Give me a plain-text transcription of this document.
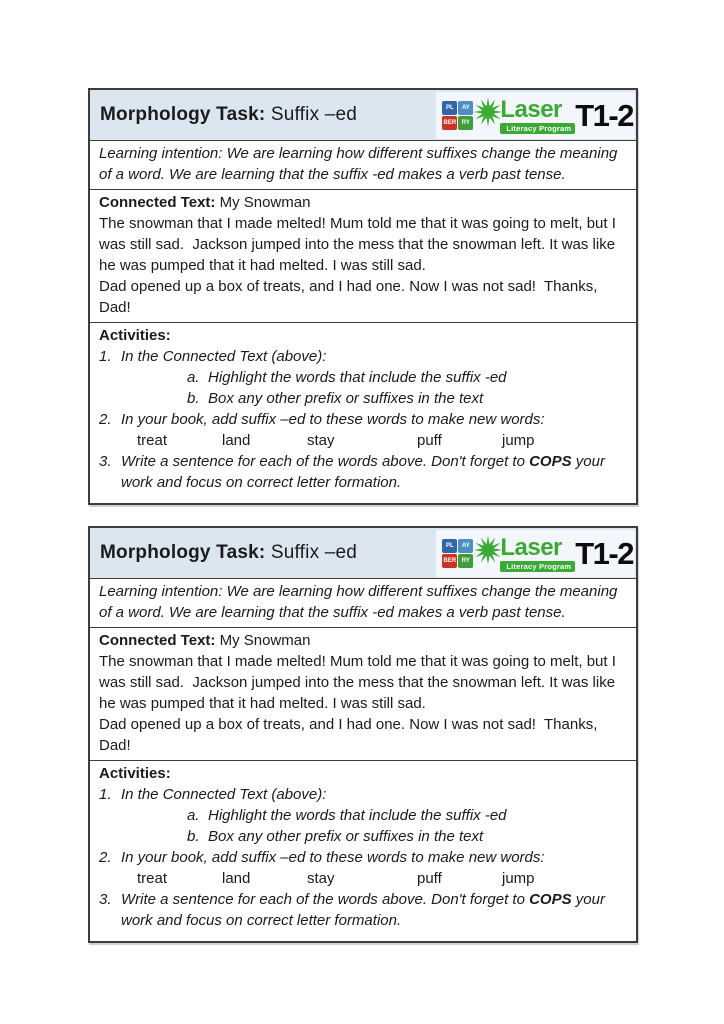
Morphology Task: Suffix –ed	PL	AY
BER RY Laser
Literacy Program T1-2

Learning intention: We are learning how different suffixes change the meaning of a word. We are learning that the suffix -ed makes a verb past tense.

Connected Text: My Snowman

The snowman that I made melted! Mum told me that it was going to melt, but I was still sad.  Jackson jumped into the mess that the snowman left. It was like he was pumped that it had melted. I was still sad.

Dad opened up a box of treats, and I had one. Now I was not sad!  Thanks, Dad!

Activities:

1. In the Connected Text (above):
a. Highlight the words that include the suffix -ed
b. Box any other prefix or suffixes in the text
2. In your book, add suffix –ed to these words to make new words:
treat	land	stay	puff	jump
3. Write a sentence for each of the words above. Don't forget to COPS your work and focus on correct letter formation.
Morphology Task: Suffix –ed	PL	AY
BER RY Laser
Literacy Program T1-2

Learning intention: We are learning how different suffixes change the meaning of a word. We are learning that the suffix -ed makes a verb past tense.

Connected Text: My Snowman

The snowman that I made melted! Mum told me that it was going to melt, but I was still sad.  Jackson jumped into the mess that the snowman left. It was like he was pumped that it had melted. I was still sad.

Dad opened up a box of treats, and I had one. Now I was not sad!  Thanks, Dad!

Activities:

1. In the Connected Text (above):
a. Highlight the words that include the suffix -ed
b. Box any other prefix or suffixes in the text
2. In your book, add suffix –ed to these words to make new words:
treat	land	stay	puff	jump
3. Write a sentence for each of the words above. Don't forget to COPS your work and focus on correct letter formation.
